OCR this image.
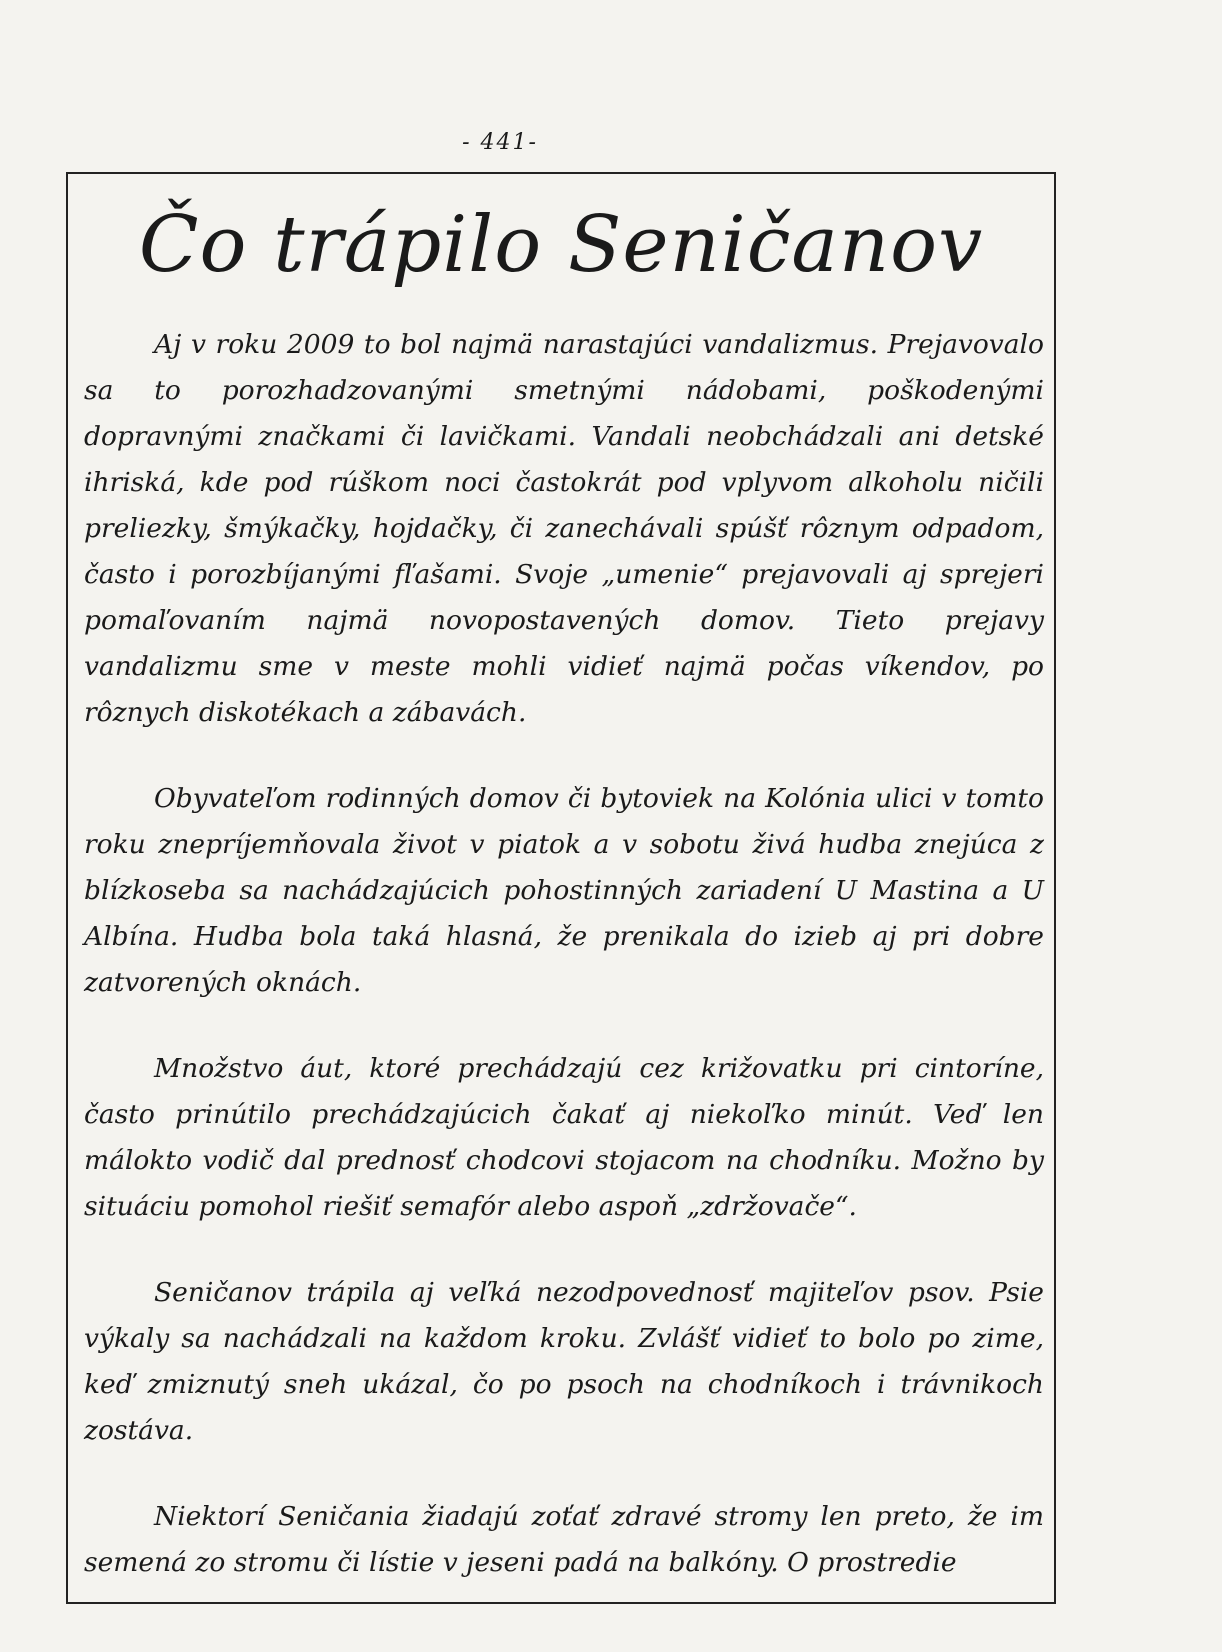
- 441-
Čo trápilo Seničanov

Aj v roku 2009 to bol najmä narastajúci vandalizmus. Prejavovalo sa to porozhadzovanými smetnými nádobami, poškodenými dopravnými značkami či lavičkami. Vandali neobchádzali ani detské ihriská, kde pod rúškom noci častokrát pod vplyvom alkoholu ničili preliezky, šmýkačky, hojdačky, či zanechávali spúšť rôznym odpadom, často i porozbíjanými fľašami. Svoje „umenie“ prejavovali aj sprejeri pomaľovaním najmä novopostavených domov. Tieto prejavy vandalizmu sme v meste mohli vidieť najmä počas víkendov, po rôznych diskotékach a zábavách.

Obyvateľom rodinných domov či bytoviek na Kolónia ulici v tomto roku znepríjemňovala život v piatok a v sobotu živá hudba znejúca z blízkoseba sa nachádzajúcich pohostinných zariadení U Mastina a U Albína. Hudba bola taká hlasná, že prenikala do izieb aj pri dobre zatvorených oknách.

Množstvo áut, ktoré prechádzajú cez križovatku pri cintoríne, často prinútilo prechádzajúcich čakať aj niekoľko minút. Veď len málokto vodič dal prednosť chodcovi stojacom na chodníku. Možno by situáciu pomohol riešiť semafór alebo aspoň „zdržovače“.

Seničanov trápila aj veľká nezodpovednosť majiteľov psov. Psie výkaly sa nachádzali na každom kroku. Zvlášť vidieť to bolo po zime, keď zmiznutý sneh ukázal, čo po psoch na chodníkoch i trávnikoch zostáva.

Niektorí Seničania žiadajú zoťať zdravé stromy len preto, že im semená zo stromu či lístie v jeseni padá na balkóny. O prostredie
